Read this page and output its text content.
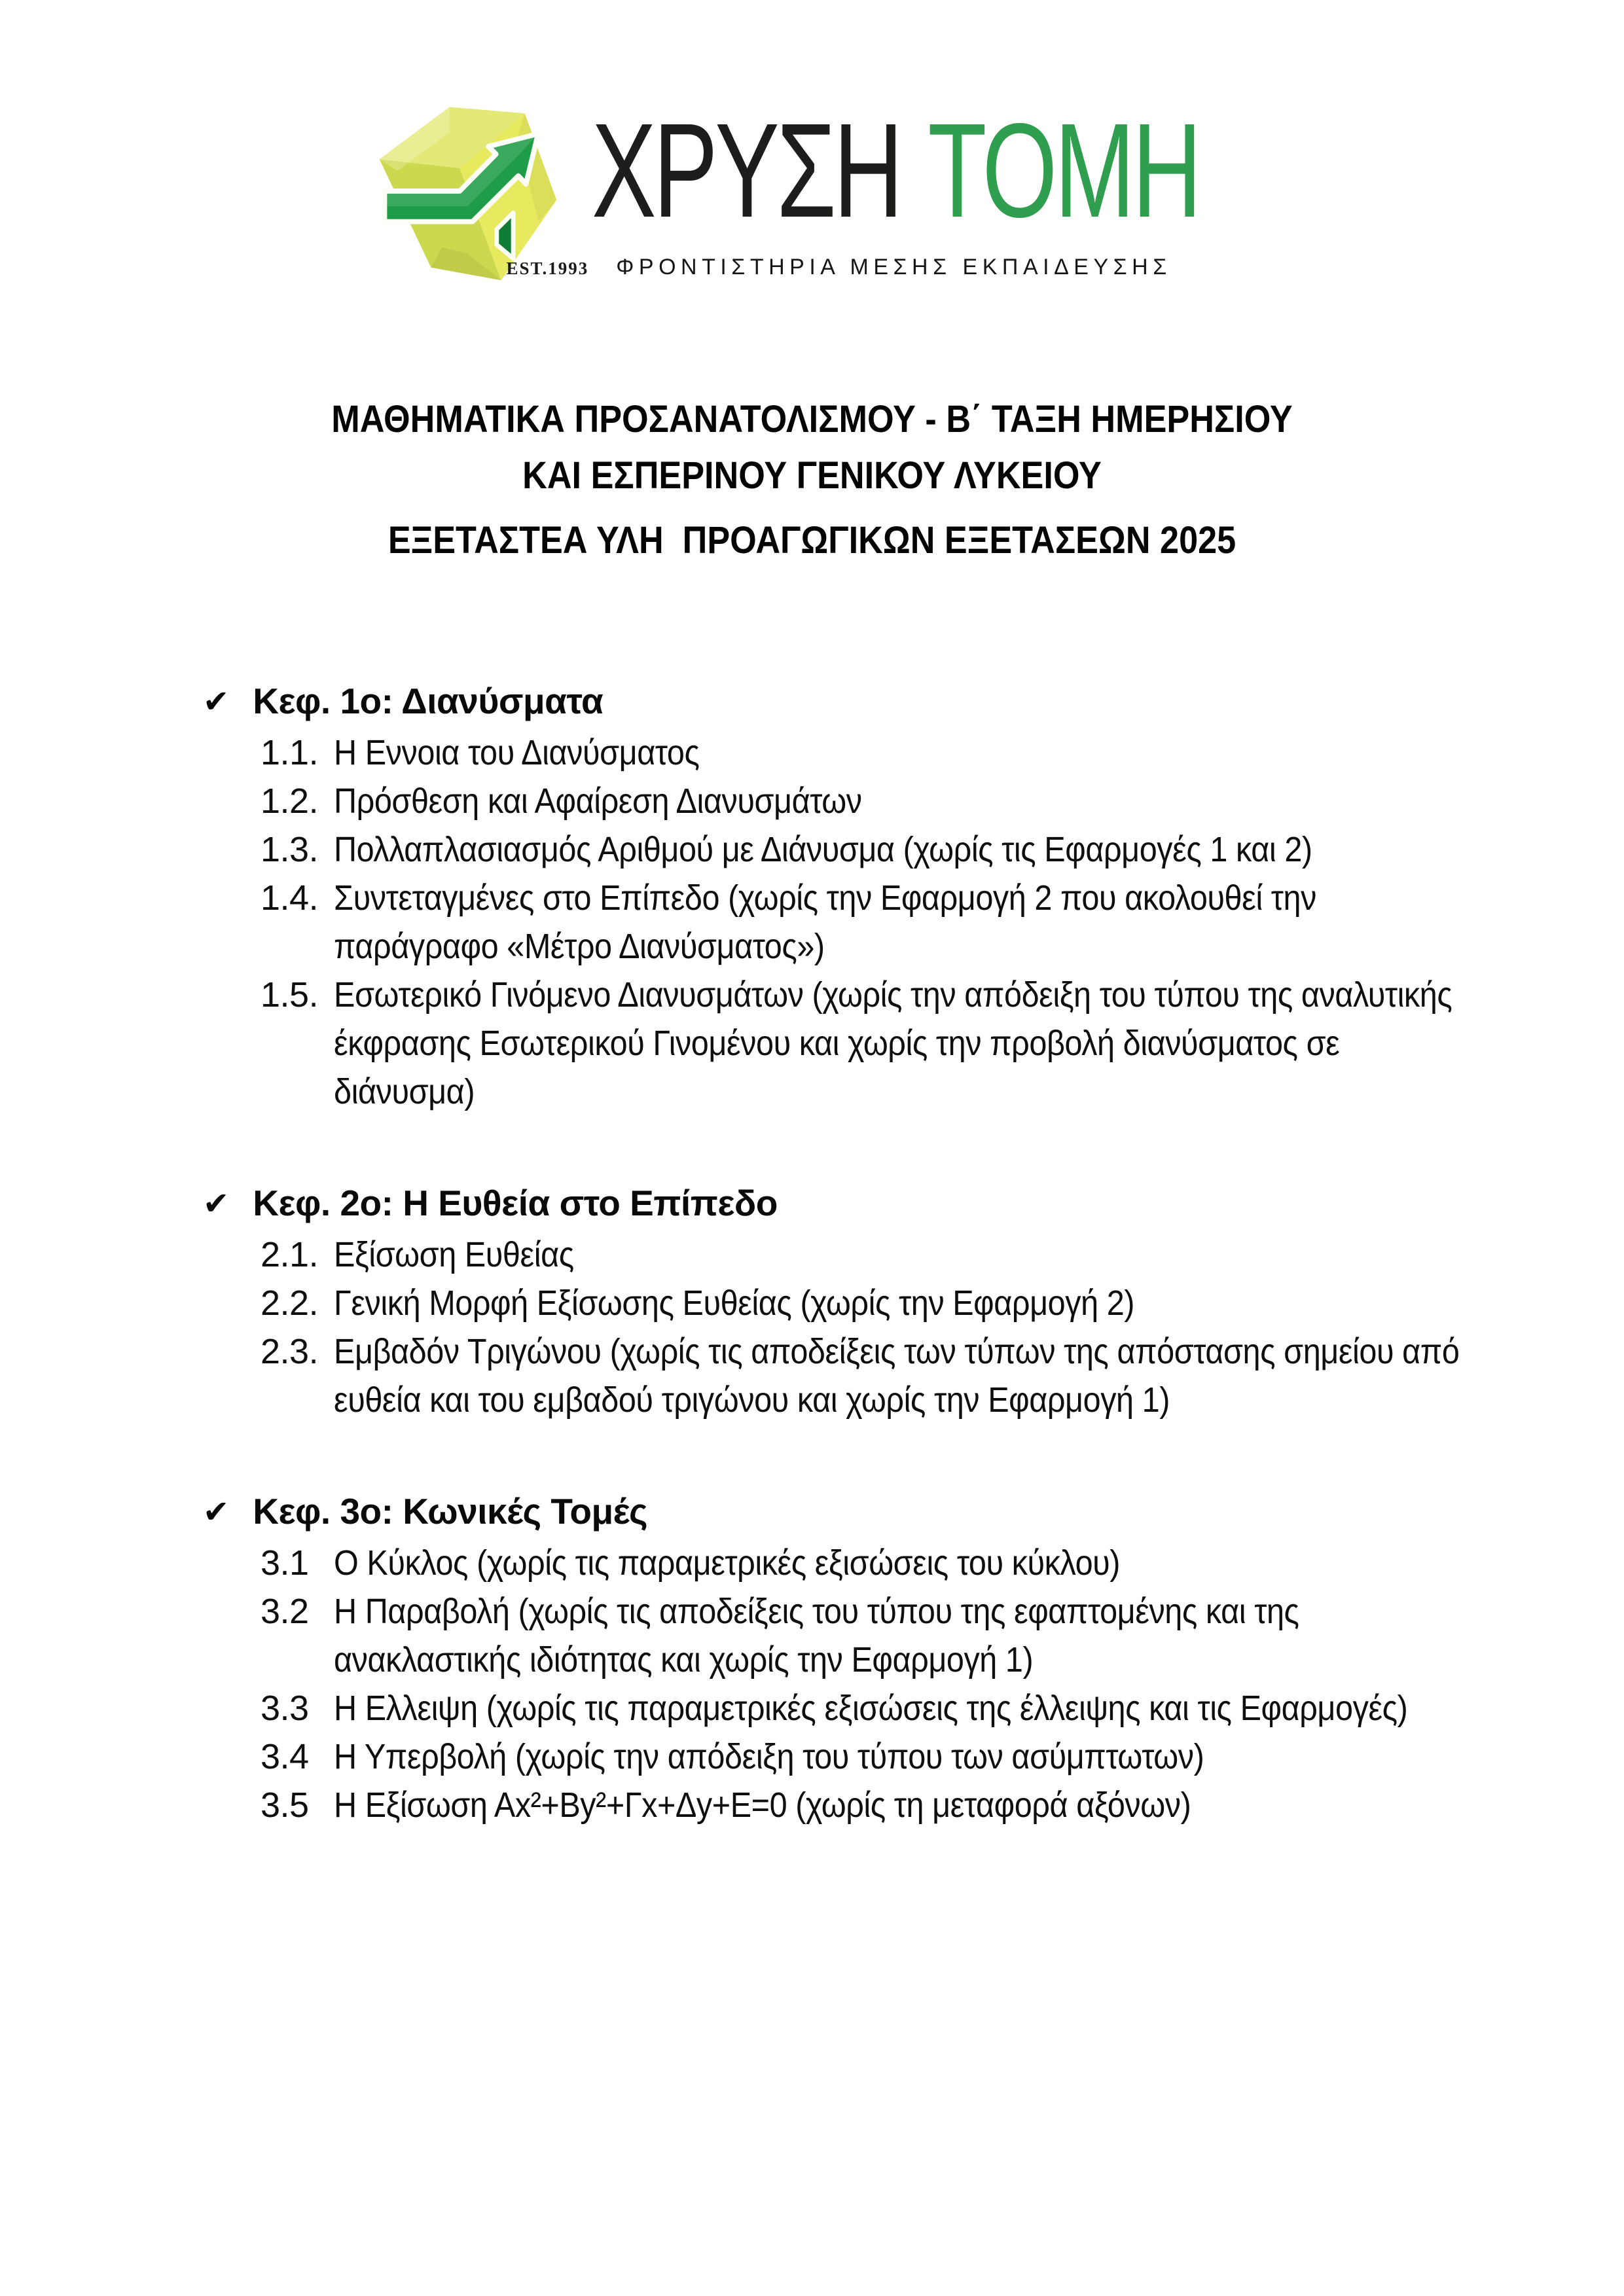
ΧΡΥΣΗ ΤΟΜΗ
EST.1993 ΦΡΟΝΤΙΣΤΗΡΙΑ ΜΕΣΗΣ ΕΚΠΑΙΔΕΥΣΗΣ
ΜΑΘΗΜΑΤΙΚΑ ΠΡΟΣΑΝΑΤΟΛΙΣΜΟΥ - Β΄ ΤΑΞΗ ΗΜΕΡΗΣΙΟΥ
ΚΑΙ ΕΣΠΕΡΙΝΟΥ ΓΕΝΙΚΟΥ ΛΥΚΕΙΟΥ
ΕΞΕΤΑΣΤΕΑ ΥΛΗ  ΠΡΟΑΓΩΓΙΚΩΝ ΕΞΕΤΑΣΕΩΝ 2025
✔ Κεφ. 1ο: Διανύσματα
1.1. Η Εννοια του Διανύσματος
1.2. Πρόσθεση και Αφαίρεση Διανυσμάτων
1.3. Πολλαπλασιασμός Αριθμού με Διάνυσμα (χωρίς τις Εφαρμογές 1 και 2)
1.4. Συντεταγμένες στο Επίπεδο (χωρίς την Εφαρμογή 2 που ακολουθεί την παράγραφο «Μέτρο Διανύσματος»)
1.5. Εσωτερικό Γινόμενο Διανυσμάτων (χωρίς την απόδειξη του τύπου της αναλυτικής έκφρασης Εσωτερικού Γινομένου και χωρίς την προβολή διανύσματος σε διάνυσμα)
✔ Κεφ. 2ο: Η Ευθεία στο Επίπεδο
2.1. Εξίσωση Ευθείας
2.2. Γενική Μορφή Εξίσωσης Ευθείας (χωρίς την Εφαρμογή 2)
2.3. Εμβαδόν Τριγώνου (χωρίς τις αποδείξεις των τύπων της απόστασης σημείου από ευθεία και του εμβαδού τριγώνου και χωρίς την Εφαρμογή 1)
✔ Κεφ. 3ο: Κωνικές Τομές
3.1 Ο Κύκλος (χωρίς τις παραμετρικές εξισώσεις του κύκλου)
3.2 Η Παραβολή (χωρίς τις αποδείξεις του τύπου της εφαπτομένης και της ανακλαστικής ιδιότητας και χωρίς την Εφαρμογή 1)
3.3 Η Ελλειψη (χωρίς τις παραμετρικές εξισώσεις της έλλειψης και τις Εφαρμογές)
3.4 Η Υπερβολή (χωρίς την απόδειξη του τύπου των ασύμπτωτων)
3.5 Η Εξίσωση Αx²+Βy²+Γx+Δy+Ε=0 (χωρίς τη μεταφορά αξόνων)
